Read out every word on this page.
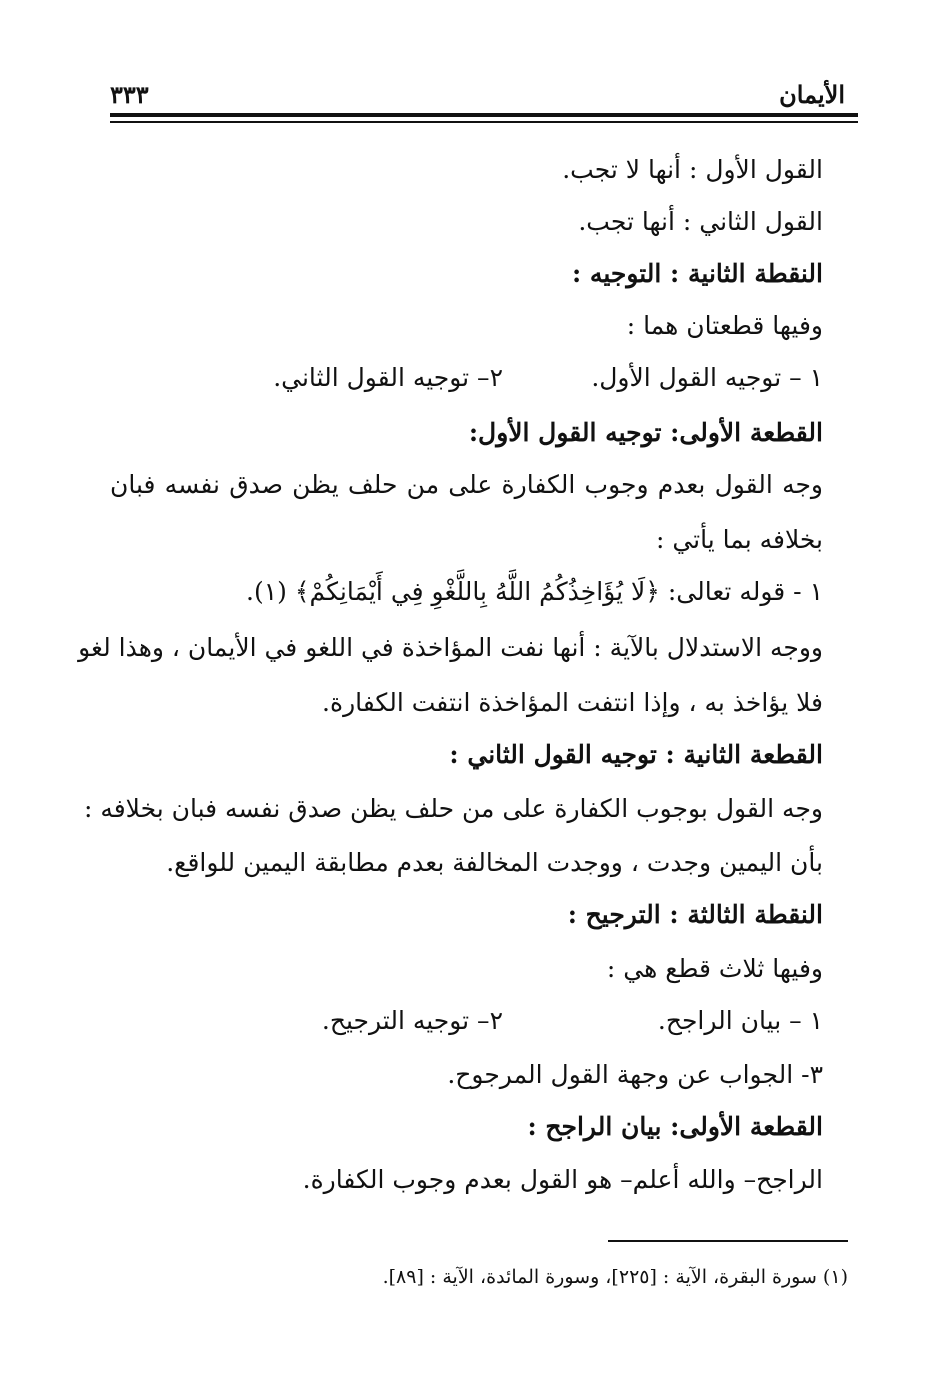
الأيمان
٣٣٣
القول الأول : أنها لا تجب.
القول الثاني : أنها تجب.
النقطة الثانية : التوجيه :
وفيها قطعتان هما :
١ – توجيه القول الأول.
٢– توجيه القول الثاني.
القطعة الأولى: توجيه القول الأول:
وجه القول بعدم وجوب الكفارة على من حلف يظن صدق نفسه فبان
بخلافه بما يأتي :
١ - قوله تعالى: ﴿لَا يُؤَاخِذُكُمُ اللَّهُ بِاللَّغْوِ فِي أَيْمَانِكُمْ﴾ (١).
ووجه الاستدلال بالآية : أنها نفت المؤاخذة في اللغو في الأيمان ، وهذا لغو
فلا يؤاخذ به ، وإذا انتفت المؤاخذة انتفت الكفارة.
القطعة الثانية : توجيه القول الثاني :
وجه القول بوجوب الكفارة على من حلف يظن صدق نفسه فبان بخلافه :
بأن اليمين وجدت ، ووجدت المخالفة بعدم مطابقة اليمين للواقع.
النقطة الثالثة : الترجيح :
وفيها ثلاث قطع هي :
١ – بيان الراجح.
٢– توجيه الترجيح.
٣- الجواب عن وجهة القول المرجوح.
القطعة الأولى: بيان الراجح :
الراجح– والله أعلم– هو القول بعدم وجوب الكفارة.
(١) سورة البقرة، الآية : [٢٢٥]، وسورة المائدة، الآية : [٨٩].
